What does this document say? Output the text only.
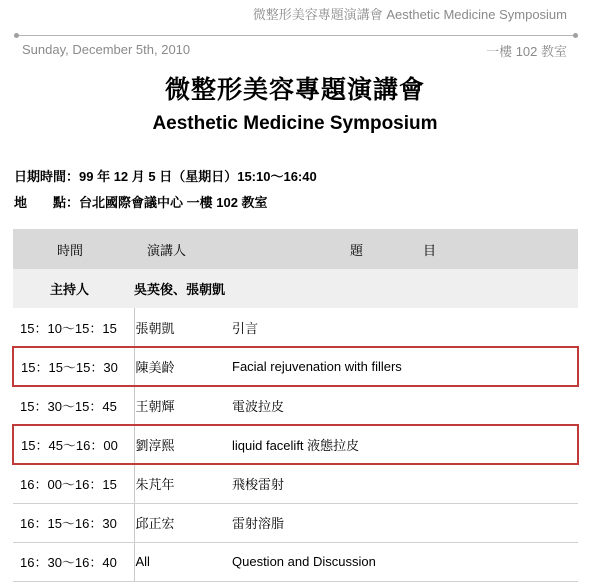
微整形美容專題演講會 Aesthetic Medicine Symposium
Sunday, December 5th, 2010	一樓 102 教室
微整形美容專題演講會
Aesthetic Medicine Symposium
日期時間：99 年 12 月 5 日（星期日）15:10～16:40
地　　點：台北國際會議中心 一樓 102 教室
時間	演講人	題目
主持人	吳英俊、張朝凱	
15：10～15：15	張朝凱	引言
15：15～15：30	陳美齡	Facial rejuvenation with fillers
15：30～15：45	王朝輝	電波拉皮
15：45～16：00	劉淳熙	liquid facelift 液態拉皮
16：00～16：15	朱芃年	飛梭雷射
16：15～16：30	邱正宏	雷射溶脂
16：30～16：40	All	Question and Discussion
